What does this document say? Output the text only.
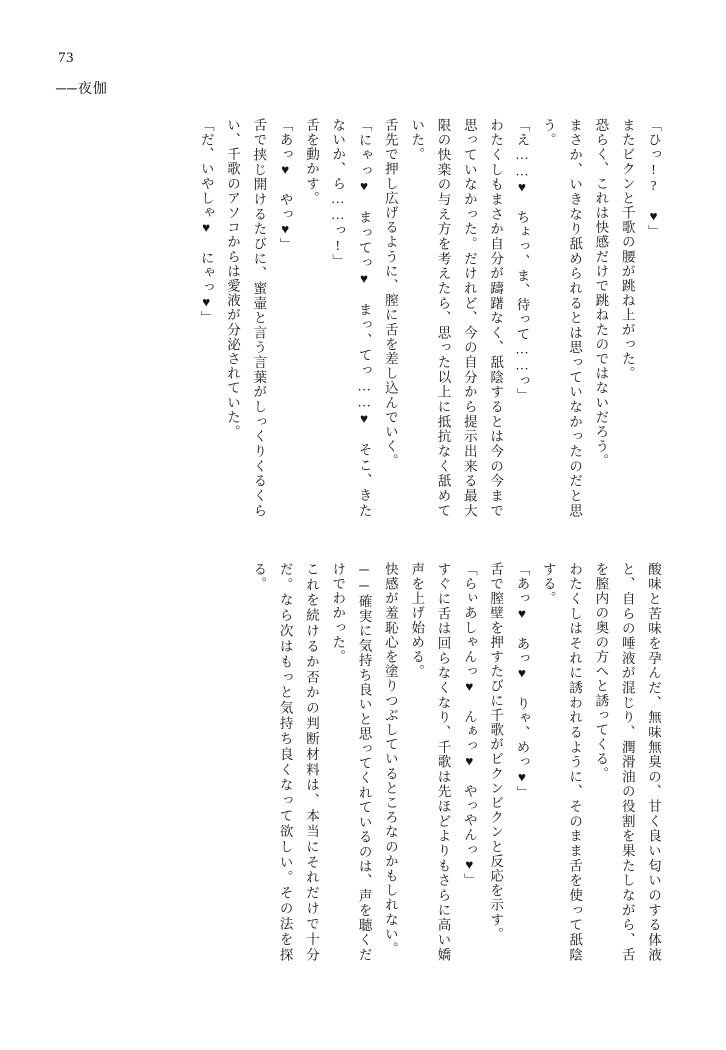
73
──夜伽

「ひっ!?　♥」

またビクンと千歌の腰が跳ね上がった。

恐らく、これは快感だけで跳ねたのではないだろう。

まさか、いきなり舐められるとは思っていなかったのだと思う。

「え……♥　ちょっ、ま、待って……っ」

わたくしもまさか自分が躊躇なく、舐陰するとは今の今まで思っていなかった。だけれど、今の自分から提示出来る最大限の快楽の与え方を考えたら、思った以上に抵抗なく舐めていた。

舌先で押し広げるように、膣に舌を差し込んでいく。

「にゃっ♥　まってっ♥　まっ、てっ……♥　そこ、きたないか、ら……っ!」

舌を動かす。

「あっ♥　やっ♥」

舌で挟じ開けるたびに、蜜壷と言う言葉がしっくりくるくらい、千歌のアソコからは愛液が分泌されていた。

「だ、いやしゃ♥　にゃっ♥」

酸味と苦味を孕んだ、無味無臭の、甘く良い匂いのする体液と、自らの唾液が混じり、潤滑油の役割を果たしながら、舌を膣内の奥の方へと誘ってくる。

わたくしはそれに誘われるように、そのまま舌を使って舐陰する。

「あっ♥　あっ♥　りゃ、めっ♥」

舌で膣壁を押すたびに千歌がビクンビクンと反応を示す。

「らぃあしゃんっ♥　んぁっ♥　やっやんっ♥」

すぐに舌は回らなくなり、千歌は先ほどよりもさらに高い嬌声を上げ始める。

快感が羞恥心を塗りつぶしているところなのかもしれない。

──確実に気持ち良いと思ってくれているのは、声を聴くだけでわかった。

これを続けるか否かの判断材料は、本当にそれだけで十分だ。なら次はもっと気持ち良くなって欲しい。その法を探る。
